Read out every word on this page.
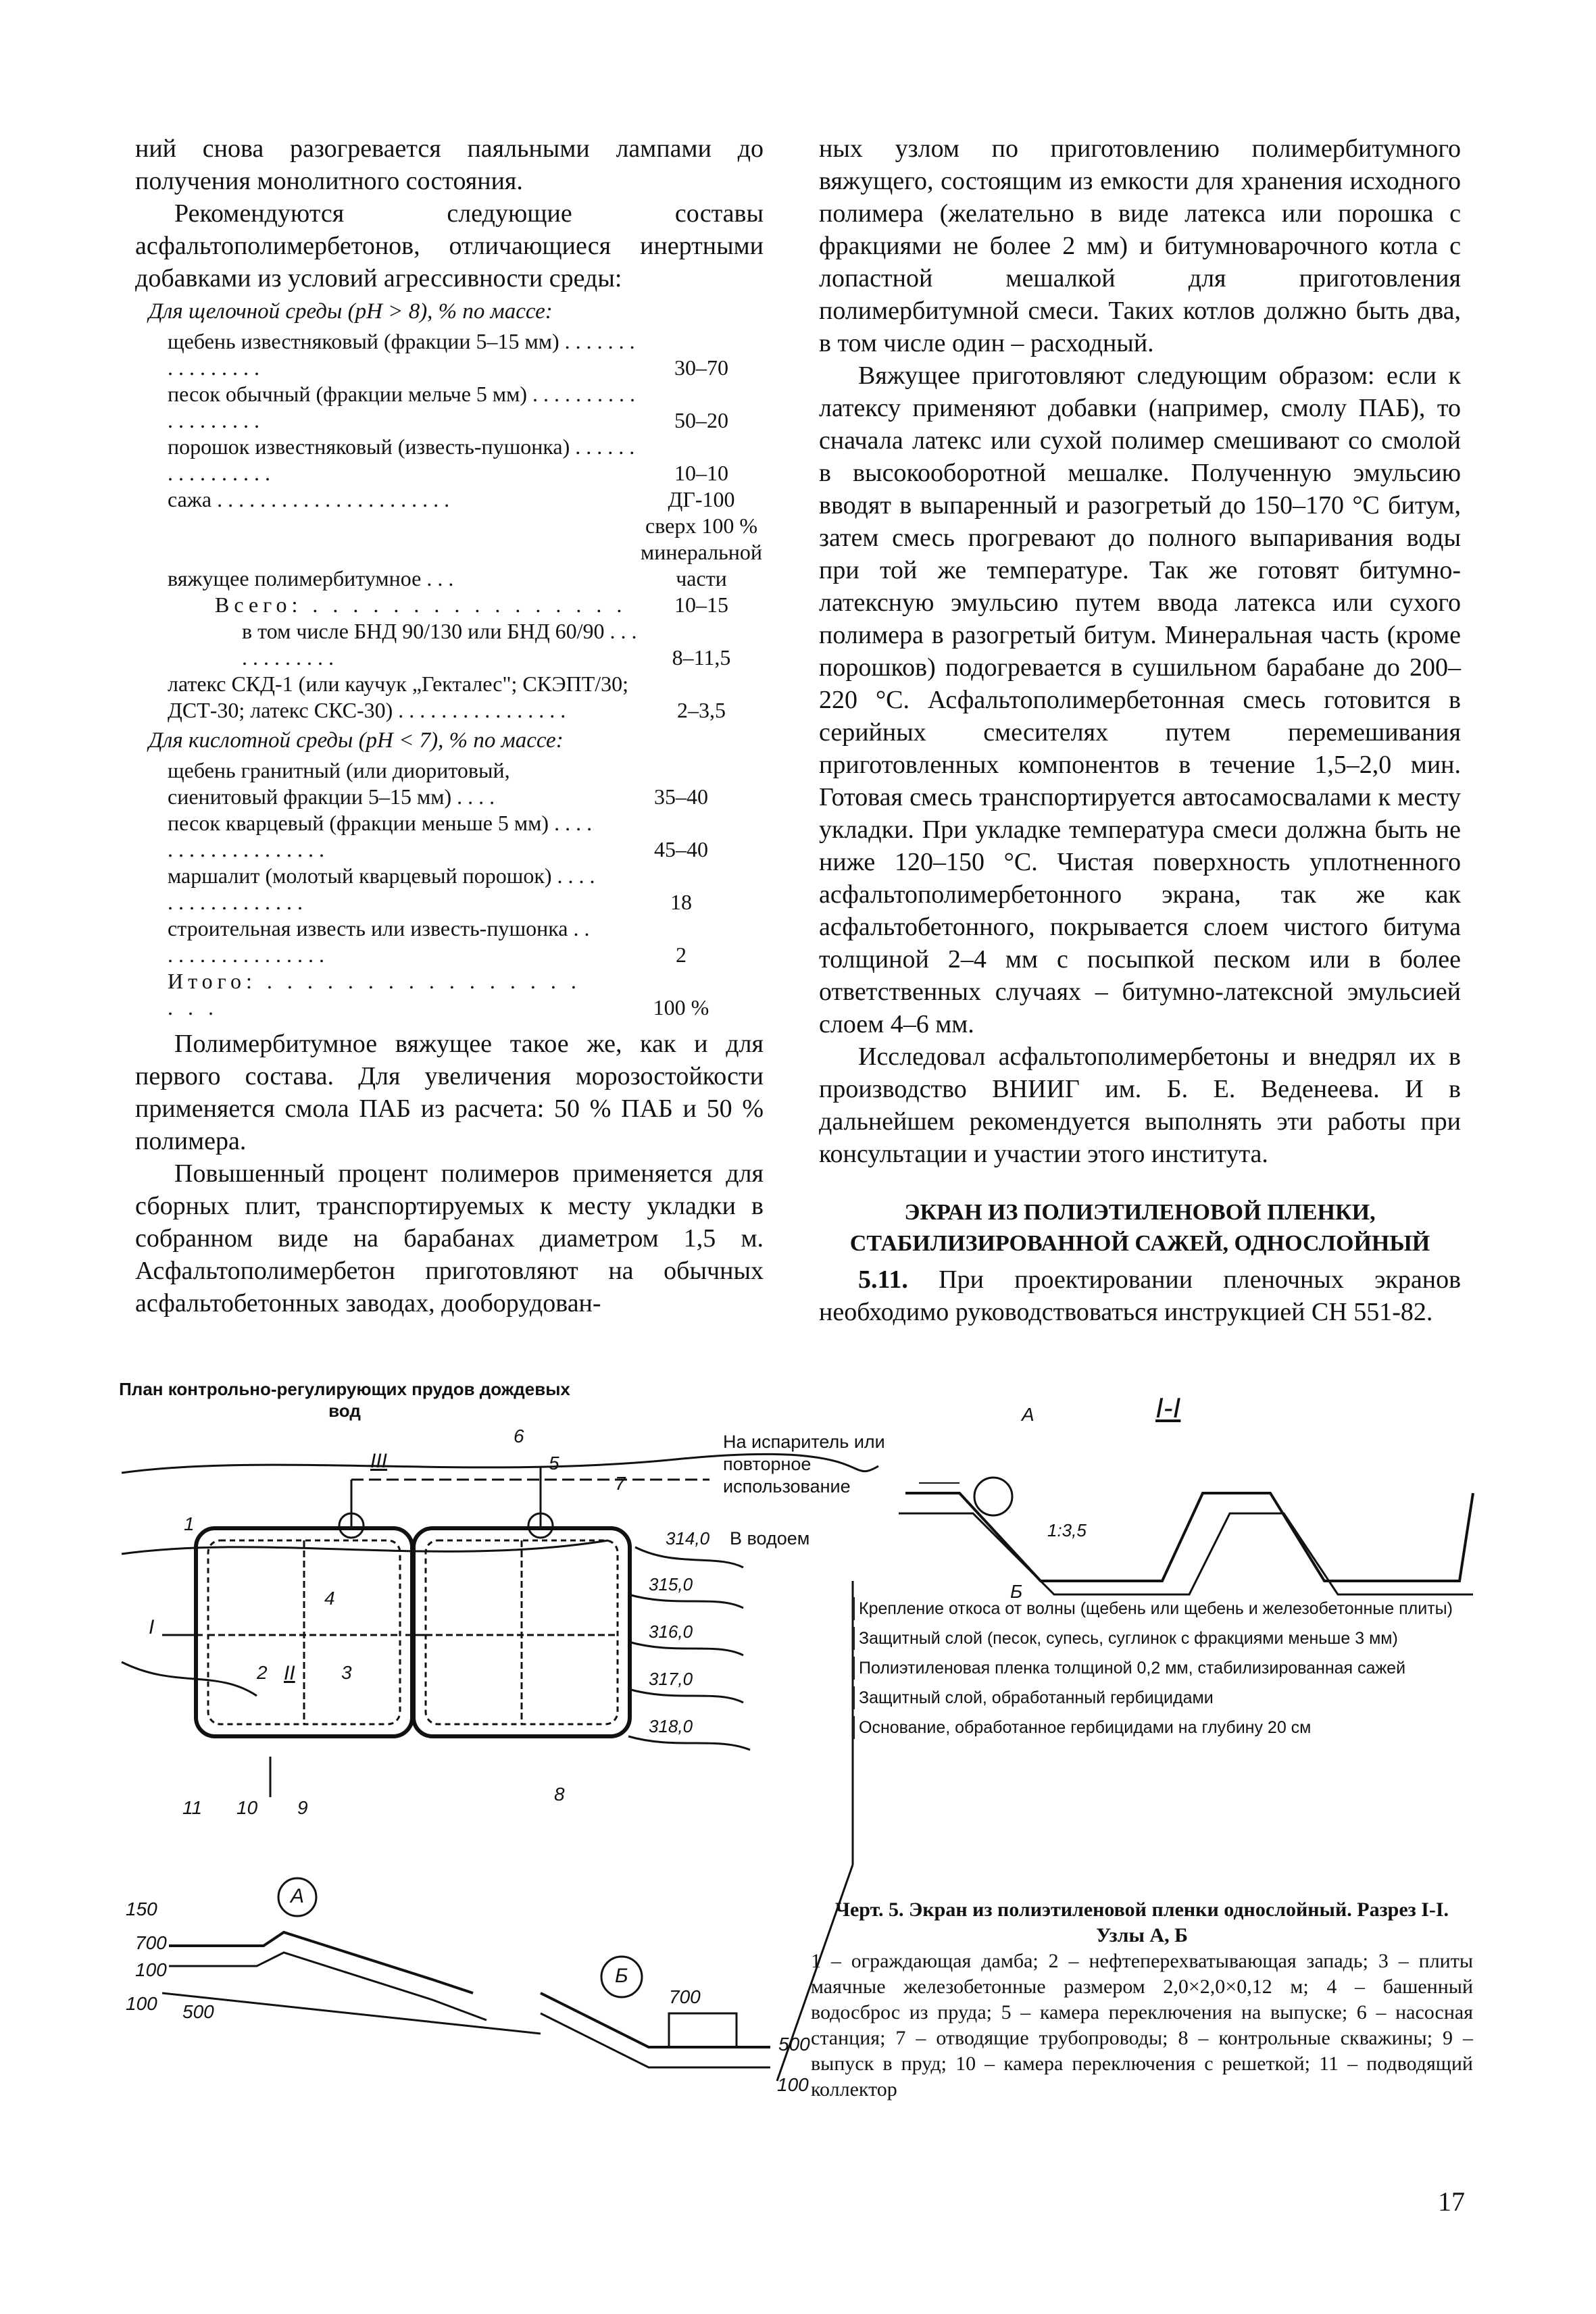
ний снова разогревается паяльными лампами до получения монолитного состояния.

Рекомендуются следующие составы асфальтополимербетонов, отличающиеся инертными добавками из условий агрессивности среды:

Для щелочной среды (pH > 8), % по массе:
щебень известняковый (фракции 5–15 мм) . . . . . . . . . . . . . . . .	30–70
песок обычный (фракции мельче 5 мм) . . . . . . . . . . . . . . . . . . .	50–20
порошок известняковый (известь-пушонка) . . . . . . . . . . . . . . . .	10–10
сажа . . . . . . . . . . . . . . . . . . . . . .	ДГ-100
вяжущее полимербитумное . . .	сверх 100 % минеральной части
Всего: . . . . . . . . . . . . . . . .	10–15
в том числе БНД 90/130 или БНД 60/90 . . . . . . . . . . . .	8–11,5
латекс СКД-1 (или каучук „Гекталес"; СКЭПТ/30; ДСТ-30; латекс СКС-30) . . . . . . . . . . . . . . . .	2–3,5
Для кислотной среды (pH < 7), % по массе:
щебень гранитный (или диоритовый, сиенитовый фракции 5–15 мм) . . . .	35–40
песок кварцевый (фракции меньше 5 мм) . . . . . . . . . . . . . . . . . . .	45–40
маршалит (молотый кварцевый порошок) . . . . . . . . . . . . . . . . .	18
строительная известь или известь-пушонка . . . . . . . . . . . . . . . . .	2
Итого: . . . . . . . . . . . . . . . . . . .	100 %

Полимербитумное вяжущее такое же, как и для первого состава. Для увеличения морозостойкости применяется смола ПАБ из расчета: 50 % ПАБ и 50 % полимера.

Повышенный процент полимеров применяется для сборных плит, транспортируемых к месту укладки в собранном виде на барабанах диаметром 1,5 м. Асфальтополимербетон приготовляют на обычных асфальтобетонных заводах, дооборудован-

ных узлом по приготовлению полимербитумного вяжущего, состоящим из емкости для хранения исходного полимера (желательно в виде латекса или порошка с фракциями не более 2 мм) и битумноварочного котла с лопастной мешалкой для приготовления полимербитумной смеси. Таких котлов должно быть два, в том числе один – расходный.

Вяжущее приготовляют следующим образом: если к латексу применяют добавки (например, смолу ПАБ), то сначала латекс или сухой полимер смешивают со смолой в высокооборотной мешалке. Полученную эмульсию вводят в выпаренный и разогретый до 150–170 °С битум, затем смесь прогревают до полного выпаривания воды при той же температуре. Так же готовят битумно-латексную эмульсию путем ввода латекса или сухого полимера в разогретый битум. Минеральная часть (кроме порошков) подогревается в сушильном барабане до 200–220 °С. Асфальтополимербетонная смесь готовится в серийных смесителях путем перемешивания приготовленных компонентов в течение 1,5–2,0 мин. Готовая смесь транспортируется автосамосвалами к месту укладки. При укладке температура смеси должна быть не ниже 120–150 °С. Чистая поверхность уплотненного асфальтополимербетонного экрана, так же как асфальтобетонного, покрывается слоем чистого битума толщиной 2–4 мм с посыпкой песком или в более ответственных случаях – битумно-латексной эмульсией слоем 4–6 мм.

Исследовал асфальтополимербетоны и внедрял их в производство ВНИИГ им. Б. Е. Веденеева. И в дальнейшем рекомендуется выполнять эти работы при консультации и участии этого института.

ЭКРАН ИЗ ПОЛИЭТИЛЕНОВОЙ ПЛЕНКИ, СТАБИЛИЗИРОВАННОЙ САЖЕЙ, ОДНОСЛОЙНЫЙ

5.11. При проектировании пленочных экранов необходимо руководствоваться инструкцией СН 551-82.

План контрольно-регулирующих прудов дождевых вод
На испаритель или повторное использование
В водоем
I-I
314,0
315,0
316,0
317,0
318,0
1
2	3
4
5
6
7
8
9
10
11
I
II
III
А
Б
1:3,5
А
Б
150
100
700
100 500
700
500
100
Крепление откоса от волны (щебень или щебень и железобетонные плиты)
Защитный слой (песок, супесь, суглинок с фракциями меньше 3 мм)
Полиэтиленовая пленка толщиной 0,2 мм, стабилизированная сажей
Защитный слой, обработанный гербицидами
Основание, обработанное гербицидами на глубину 20 см
Черт. 5. Экран из полиэтиленовой пленки однослойный. Разрез I-I. Узлы А, Б
1 – ограждающая дамба; 2 – нефтеперехватывающая западь; 3 – плиты маячные железобетонные размером 2,0×2,0×0,12 м; 4 – башенный водосброс из пруда; 5 – камера переключения на выпуске; 6 – насосная станция; 7 – отводящие трубопроводы; 8 – контрольные скважины; 9 – выпуск в пруд; 10 – камера переключения с решеткой; 11 – подводящий коллектор
17
